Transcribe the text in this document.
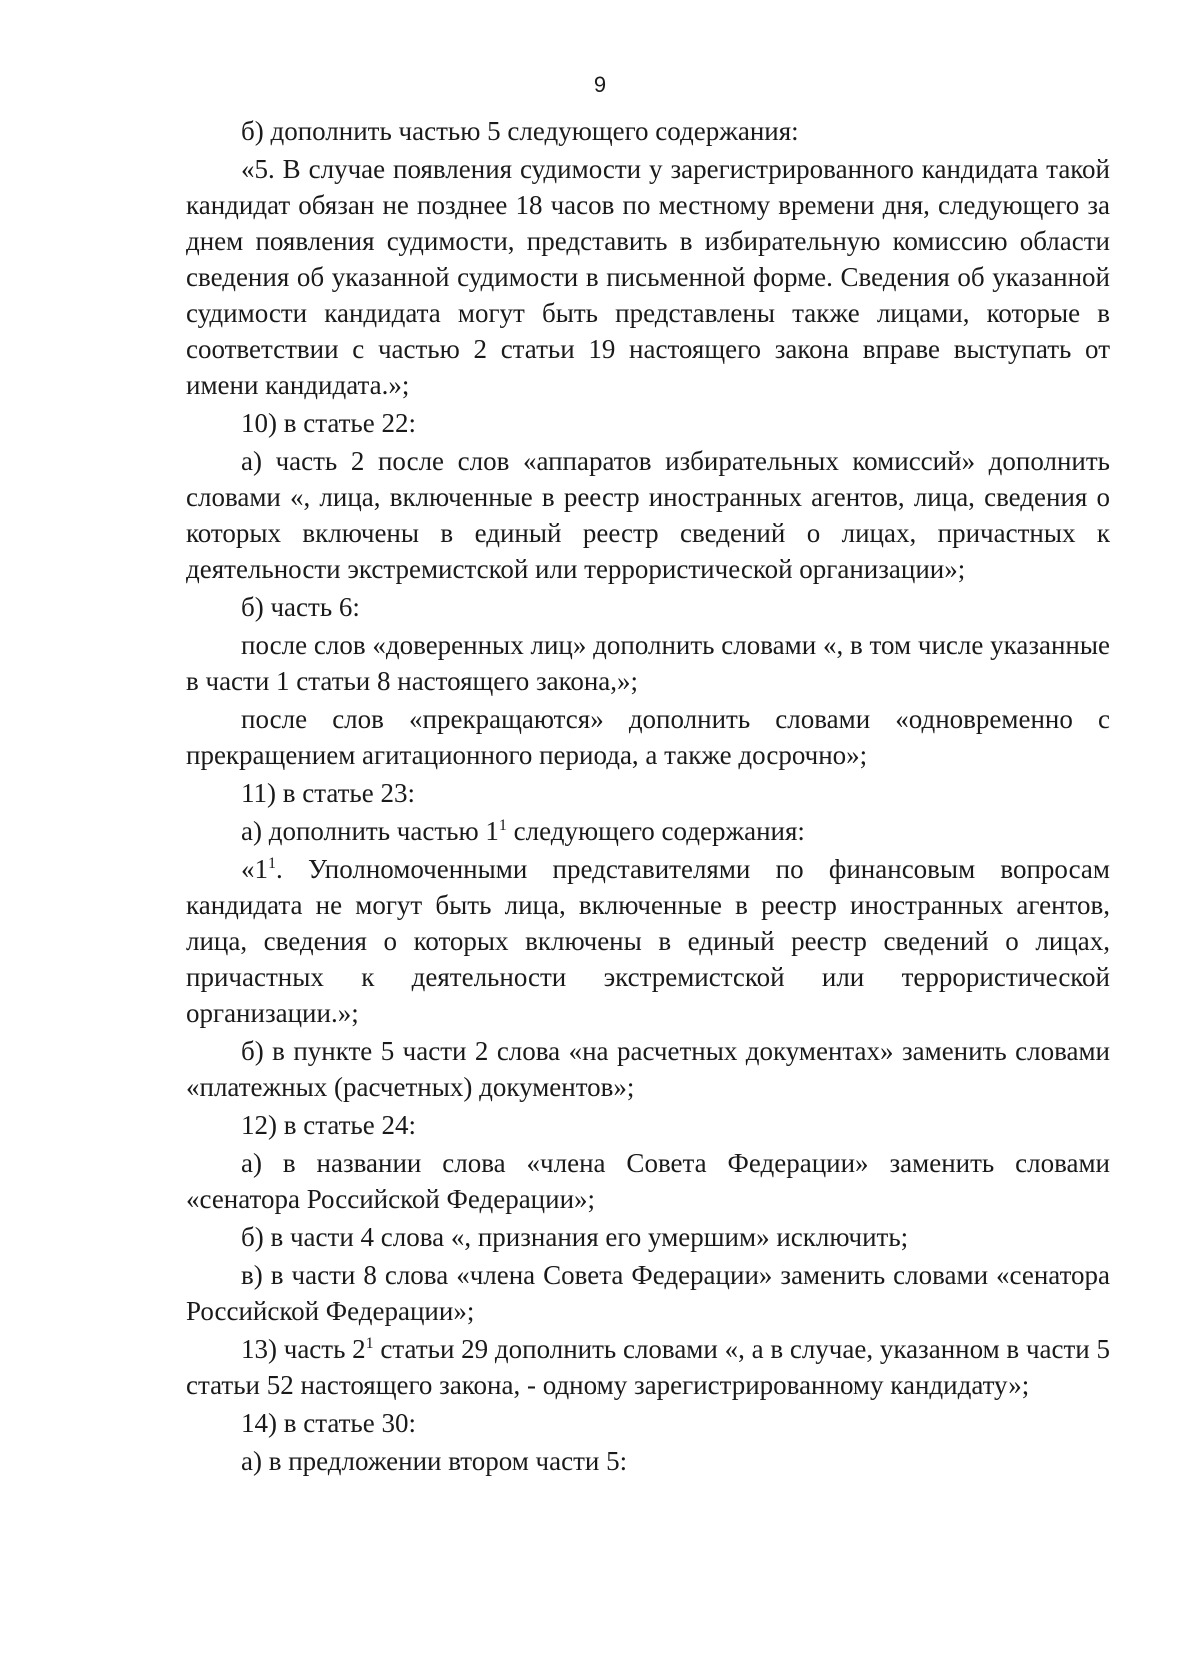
9

б) дополнить частью 5 следующего содержания:

«5. В случае появления судимости у зарегистрированного кандидата такой кандидат обязан не позднее 18 часов по местному времени дня, следующего за днем появления судимости, представить в избирательную комиссию области сведения об указанной судимости в письменной форме. Сведения об указанной судимости кандидата могут быть представлены также лицами, которые в соответствии с частью 2 статьи 19 настоящего закона вправе выступать от имени кандидата.»;

10) в статье 22:

а) часть 2 после слов «аппаратов избирательных комиссий» дополнить словами «, лица, включенные в реестр иностранных агентов, лица, сведения о которых включены в единый реестр сведений о лицах, причастных к деятельности экстремистской или террористической организации»;

б) часть 6:

после слов «доверенных лиц» дополнить словами «, в том числе указанные в части 1 статьи 8 настоящего закона,»;

после слов «прекращаются» дополнить словами «одновременно с прекращением агитационного периода, а также досрочно»;

11) в статье 23:

а) дополнить частью $1^1$ следующего содержания:

«$1^1$. Уполномоченными представителями по финансовым вопросам кандидата не могут быть лица, включенные в реестр иностранных агентов, лица, сведения о которых включены в единый реестр сведений о лицах, причастных к деятельности экстремистской или террористической организации.»;

б) в пункте 5 части 2 слова «на расчетных документах» заменить словами «платежных (расчетных) документов»;

12) в статье 24:

а) в названии слова «члена Совета Федерации» заменить словами «сенатора Российской Федерации»;

б) в части 4 слова «, признания его умершим» исключить;

в) в части 8 слова «члена Совета Федерации» заменить словами «сенатора Российской Федерации»;

13) часть $2^1$ статьи 29 дополнить словами «, а в случае, указанном в части 5 статьи 52 настоящего закона, - одному зарегистрированному кандидату»;

14) в статье 30:

а) в предложении втором части 5:
